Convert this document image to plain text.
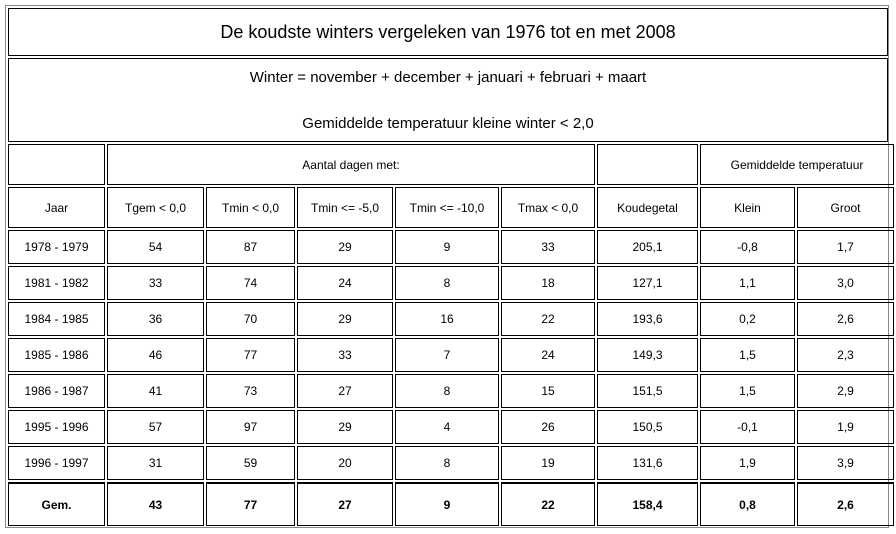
De koudste winters vergeleken van 1976 tot en met 2008
Winter = november + december + januari + februari + maart
Gemiddelde temperatuur kleine winter < 2,0
	Aantal dagen met:						Gemiddelde temperatuur	
Jaar	Tgem < 0,0	Tmin < 0,0	Tmin <= -5,0	Tmin <= -10,0	Tmax < 0,0	Koudegetal	Klein	Groot
1978 - 1979	54	87	29	9	33	205,1	-0,8	1,7
1981 - 1982	33	74	24	8	18	127,1	1,1	3,0
1984 - 1985	36	70	29	16	22	193,6	0,2	2,6
1985 - 1986	46	77	33	7	24	149,3	1,5	2,3
1986 - 1987	41	73	27	8	15	151,5	1,5	2,9
1995 - 1996	57	97	29	4	26	150,5	-0,1	1,9
1996 - 1997	31	59	20	8	19	131,6	1,9	3,9
Gem.	43	77	27	9	22	158,4	0,8	2,6
